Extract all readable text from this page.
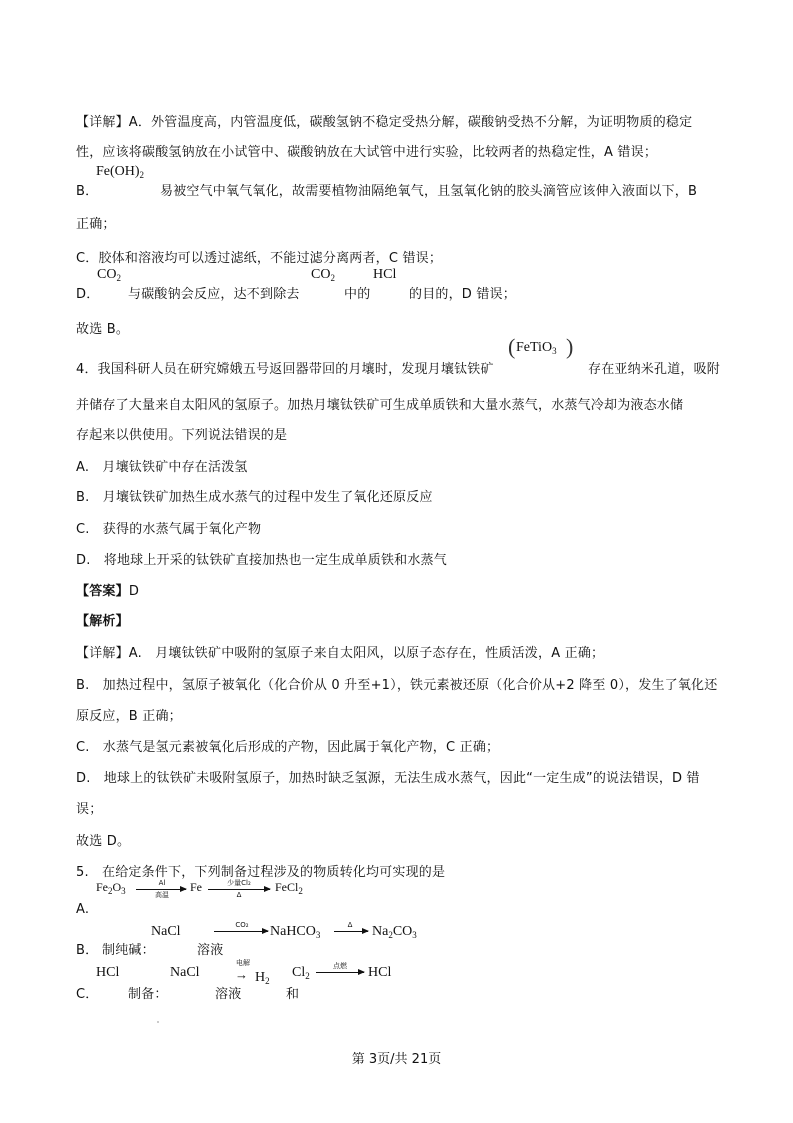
【详解】A．外管温度高，内管温度低，碳酸氢钠不稳定受热分解，碳酸钠受热不分解，为证明物质的稳定
性，应该将碳酸氢钠放在小试管中、碳酸钠放在大试管中进行实验，比较两者的热稳定性，A 错误；
$Fe(OH)_2$
B．	易被空气中氧气氧化，故需要植物油隔绝氧气，且氢氧化钠的胶头滴管应该伸入液面以下，B
正确；
C．胶体和溶液均可以透过滤纸，不能过滤分离两者，C 错误；
$CO_2$	$CO_2$	HCl
D． 与碳酸钠会反应，达不到除去	中的	的目的，D 错误；
故选 B。
( FeTiO$_3$ )
4．我国科研人员在研究嫦娥五号返回器带回的月壤时，发现月壤钛铁矿	存在亚纳米孔道，吸附
并储存了大量来自太阳风的氢原子。加热月壤钛铁矿可生成单质铁和大量水蒸气，水蒸气冷却为液态水储
存起来以供使用。下列说法错误的是
A.　月壤钛铁矿中存在活泼氢
B.　月壤钛铁矿加热生成水蒸气的过程中发生了氧化还原反应
C.　获得的水蒸气属于氧化产物
D.　将地球上开采的钛铁矿直接加热也一定生成单质铁和水蒸气
【答案】D
【解析】
【详解】A.　月壤钛铁矿中吸附的氢原子来自太阳风，以原子态存在，性质活泼，A 正确；
B.　加热过程中，氢原子被氧化（化合价从 0 升至+1），铁元素被还原（化合价从+2 降至 0），发生了氧化还
原反应，B 正确；
C.　水蒸气是氢元素被氧化后形成的产物，因此属于氧化产物，C 正确；
D.　地球上的钛铁矿未吸附氢原子，加热时缺乏氢源，无法生成水蒸气，因此“一定生成”的说法错误，D 错
误；
故选 D。
5.　在给定条件下，下列制备过程涉及的物质转化均可实现的是
$Fe_2O_3$
Al
高温
Fe	少量Cl₂
Δ
FeCl$_2$
A.
NaCl	CO₂	NaHCO$_3$
Δ	$Na_2CO_3$
B． 制纯碱：	溶液
HCl	NaCl
电解
→ $H_2$
$Cl_2$
点燃	HCl
C． 制备：	溶液	和
第 3页/共 21页
